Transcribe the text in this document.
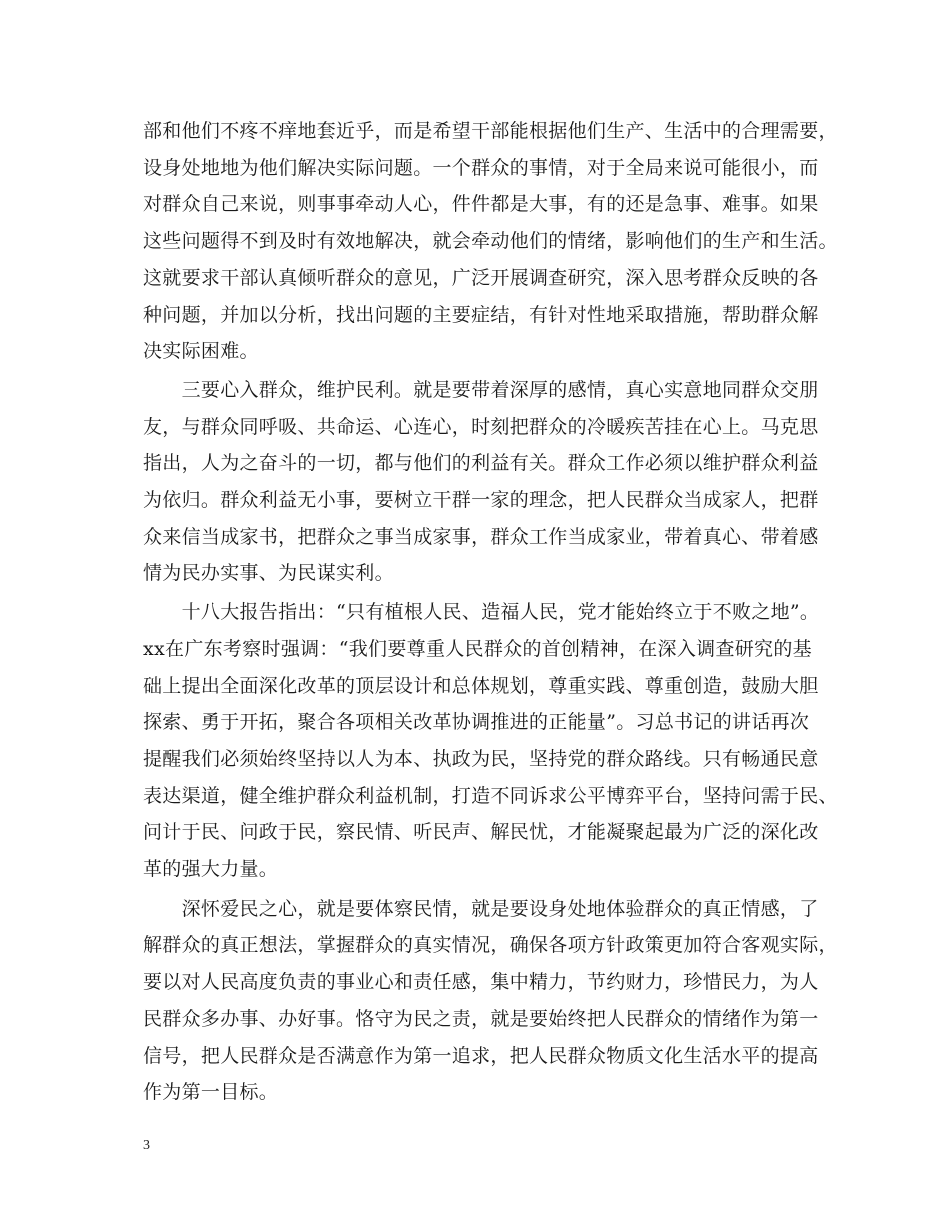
部和他们不疼不痒地套近乎，而是希望干部能根据他们生产、生活中的合理需要，
设身处地地为他们解决实际问题。一个群众的事情，对于全局来说可能很小，而
对群众自己来说，则事事牵动人心，件件都是大事，有的还是急事、难事。如果
这些问题得不到及时有效地解决，就会牵动他们的情绪，影响他们的生产和生活。
这就要求干部认真倾听群众的意见，广泛开展调查研究，深入思考群众反映的各
种问题，并加以分析，找出问题的主要症结，有针对性地采取措施，帮助群众解
决实际困难。

　　三要心入群众，维护民利。就是要带着深厚的感情，真心实意地同群众交朋
友，与群众同呼吸、共命运、心连心，时刻把群众的冷暖疾苦挂在心上。马克思
指出，人为之奋斗的一切，都与他们的利益有关。群众工作必须以维护群众利益
为依归。群众利益无小事，要树立干群一家的理念，把人民群众当成家人，把群
众来信当成家书，把群众之事当成家事，群众工作当成家业，带着真心、带着感
情为民办实事、为民谋实利。

　　十八大报告指出：“只有植根人民、造福人民，党才能始终立于不败之地”。
xx在广东考察时强调：“我们要尊重人民群众的首创精神，在深入调查研究的基
础上提出全面深化改革的顶层设计和总体规划，尊重实践、尊重创造，鼓励大胆
探索、勇于开拓，聚合各项相关改革协调推进的正能量”。习总书记的讲话再次
提醒我们必须始终坚持以人为本、执政为民，坚持党的群众路线。只有畅通民意
表达渠道，健全维护群众利益机制，打造不同诉求公平博弈平台，坚持问需于民、
问计于民、问政于民，察民情、听民声、解民忧，才能凝聚起最为广泛的深化改
革的强大力量。

　　深怀爱民之心，就是要体察民情，就是要设身处地体验群众的真正情感，了
解群众的真正想法，掌握群众的真实情况，确保各项方针政策更加符合客观实际，
要以对人民高度负责的事业心和责任感，集中精力，节约财力，珍惜民力，为人
民群众多办事、办好事。恪守为民之责，就是要始终把人民群众的情绪作为第一
信号，把人民群众是否满意作为第一追求，把人民群众物质文化生活水平的提高
作为第一目标。

3
